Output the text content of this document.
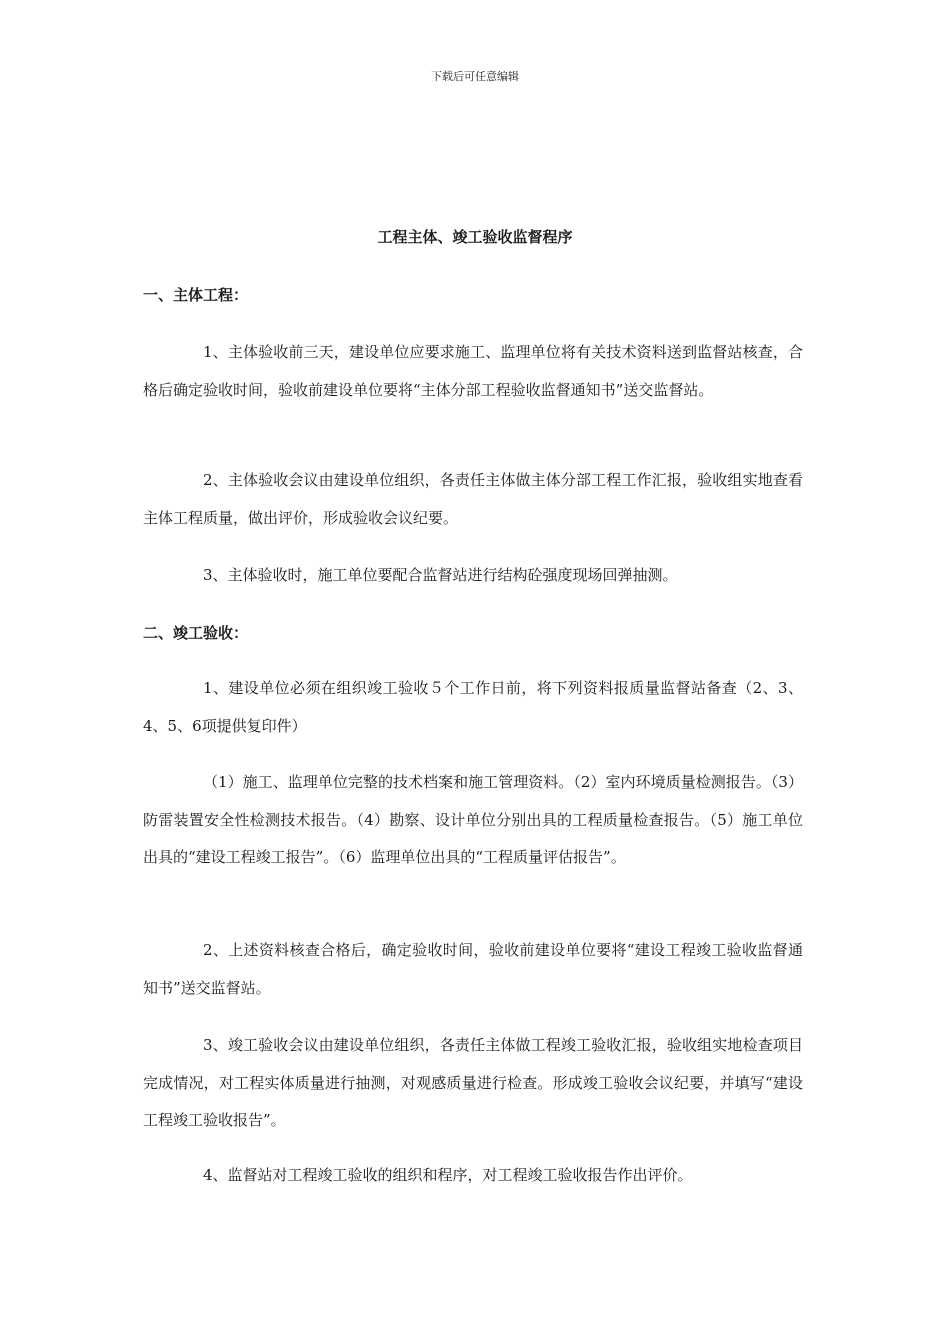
下载后可任意编辑
工程主体、竣工验收监督程序
一、主体工程：
1、主体验收前三天，建设单位应要求施工、监理单位将有关技术资料送到监督站核查，合格后确定验收时间，验收前建设单位要将“主体分部工程验收监督通知书”送交监督站。
2、主体验收会议由建设单位组织，各责任主体做主体分部工程工作汇报，验收组实地查看主体工程质量，做出评价，形成验收会议纪要。
3、主体验收时，施工单位要配合监督站进行结构砼强度现场回弹抽测。
二、竣工验收：
1、建设单位必须在组织竣工验收５个工作日前，将下列资料报质量监督站备查（2、3、4、5、6项提供复印件）
（1）施工、监理单位完整的技术档案和施工管理资料。（2）室内环境质量检测报告。（3）防雷装置安全性检测技术报告。（4）勘察、设计单位分别出具的工程质量检查报告。（5）施工单位出具的“建设工程竣工报告”。（6）监理单位出具的“工程质量评估报告”。
2、上述资料核查合格后，确定验收时间，验收前建设单位要将“建设工程竣工验收监督通知书”送交监督站。
3、竣工验收会议由建设单位组织，各责任主体做工程竣工验收汇报，验收组实地检查项目完成情况，对工程实体质量进行抽测，对观感质量进行检查。形成竣工验收会议纪要，并填写“建设工程竣工验收报告”。
4、监督站对工程竣工验收的组织和程序，对工程竣工验收报告作出评价。
